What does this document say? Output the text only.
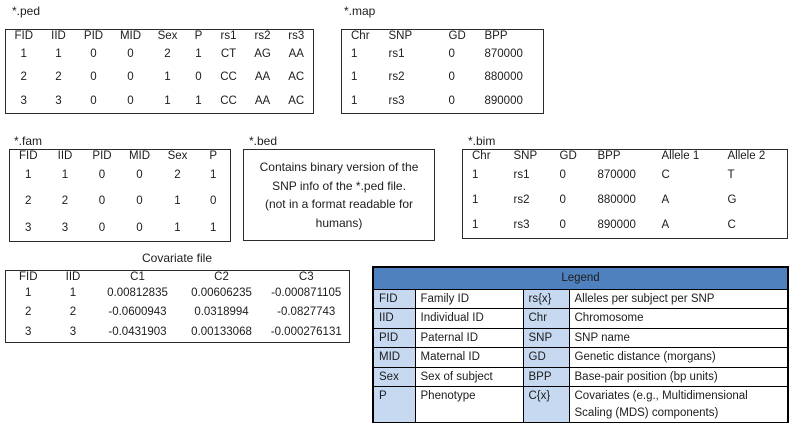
*.ped
FID	IID	PID	MID	Sex	P	rs1	rs2	rs3
1	1	0	0	2	1	CT	AG	AA
2	2	0	0	1	0	CC	AA	AC
3	3	0	0	1	1	CC	AA	AC
*.map
Chr	SNP	GD	BPP
1	rs1	0	870000
1	rs2	0	880000
1	rs3	0	890000
*.fam
FID	IID	PID	MID	Sex	P
1	1	0	0	2	1
2	2	0	0	1	0
3	3	0	0	1	1
*.bed
Contains binary version of the
SNP info of the *.ped file.
(not in a format readable for
humans)
*.bim
Chr	SNP	GD	BPP	Allele 1	Allele 2
1	rs1	0	870000	C	T
1	rs2	0	880000	A	G
1	rs3	0	890000	A	C
Covariate file
FID	IID	C1	C2	C3
1	1	0.00812835	0.00606235	-0.000871105
2	2	-0.0600943	0.0318994	-0.0827743
3	3	-0.0431903	0.00133068	-0.000276131
Legend			
FID	Family ID	rs{x}	Alleles per subject per SNP
IID	Individual ID	Chr	Chromosome
PID	Paternal ID	SNP	SNP name
MID	Maternal ID	GD	Genetic distance (morgans)
Sex	Sex of subject	BPP	Base-pair position (bp units)
P	Phenotype	C{x}	Covariates (e.g., Multidimensional Scaling (MDS) components)
